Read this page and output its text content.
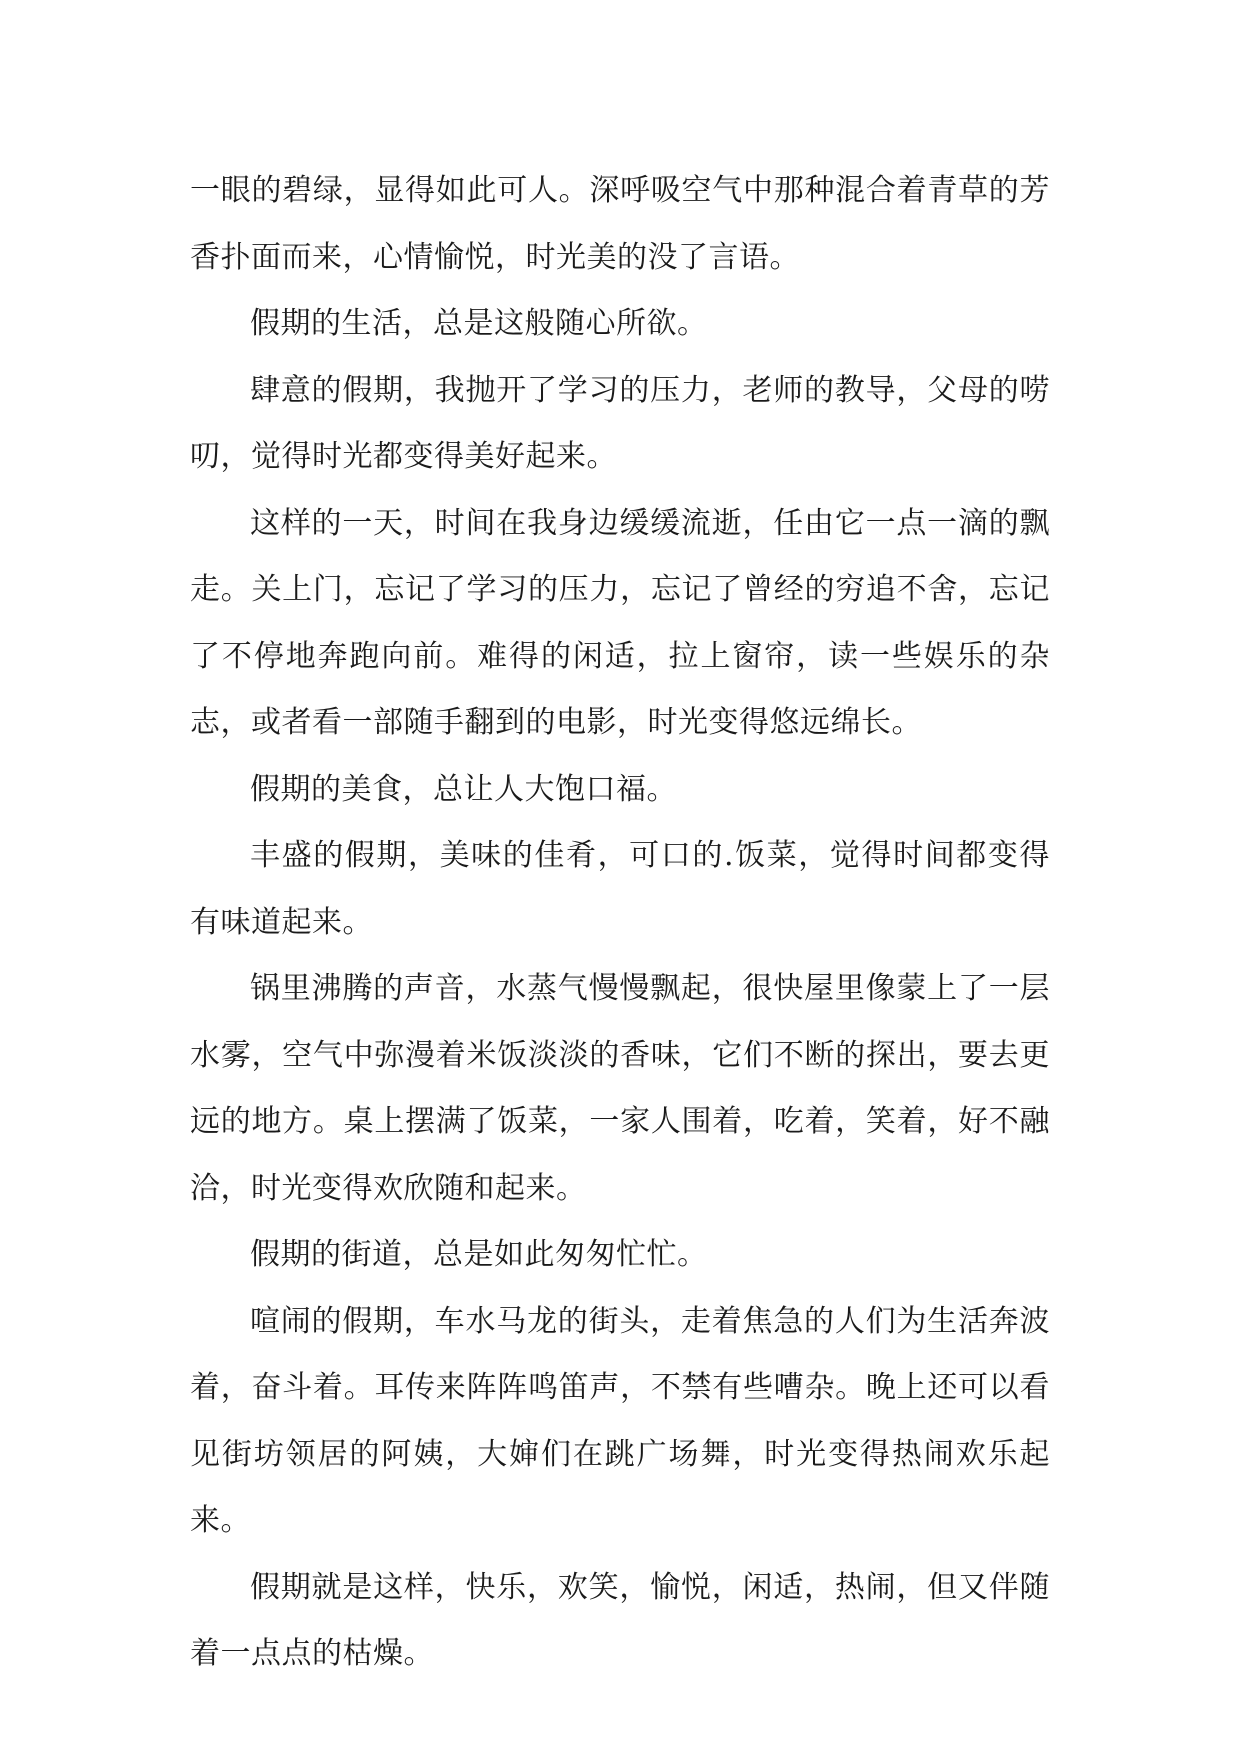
一眼的碧绿，显得如此可人。深呼吸空气中那种混合着青草的芳香扑面而来，心情愉悦，时光美的没了言语。

假期的生活，总是这般随心所欲。

肆意的假期，我抛开了学习的压力，老师的教导，父母的唠叨，觉得时光都变得美好起来。

这样的一天，时间在我身边缓缓流逝，任由它一点一滴的飘走。关上门，忘记了学习的压力，忘记了曾经的穷追不舍，忘记了不停地奔跑向前。难得的闲适，拉上窗帘，读一些娱乐的杂志，或者看一部随手翻到的电影，时光变得悠远绵长。

假期的美食，总让人大饱口福。

丰盛的假期，美味的佳肴，可口的.饭菜，觉得时间都变得有味道起来。

锅里沸腾的声音，水蒸气慢慢飘起，很快屋里像蒙上了一层水雾，空气中弥漫着米饭淡淡的香味，它们不断的探出，要去更远的地方。桌上摆满了饭菜，一家人围着，吃着，笑着，好不融洽，时光变得欢欣随和起来。

假期的街道，总是如此匆匆忙忙。

喧闹的假期，车水马龙的街头，走着焦急的人们为生活奔波着，奋斗着。耳传来阵阵鸣笛声，不禁有些嘈杂。晚上还可以看见街坊领居的阿姨，大婶们在跳广场舞，时光变得热闹欢乐起来。

假期就是这样，快乐，欢笑，愉悦，闲适，热闹，但又伴随着一点点的枯燥。
